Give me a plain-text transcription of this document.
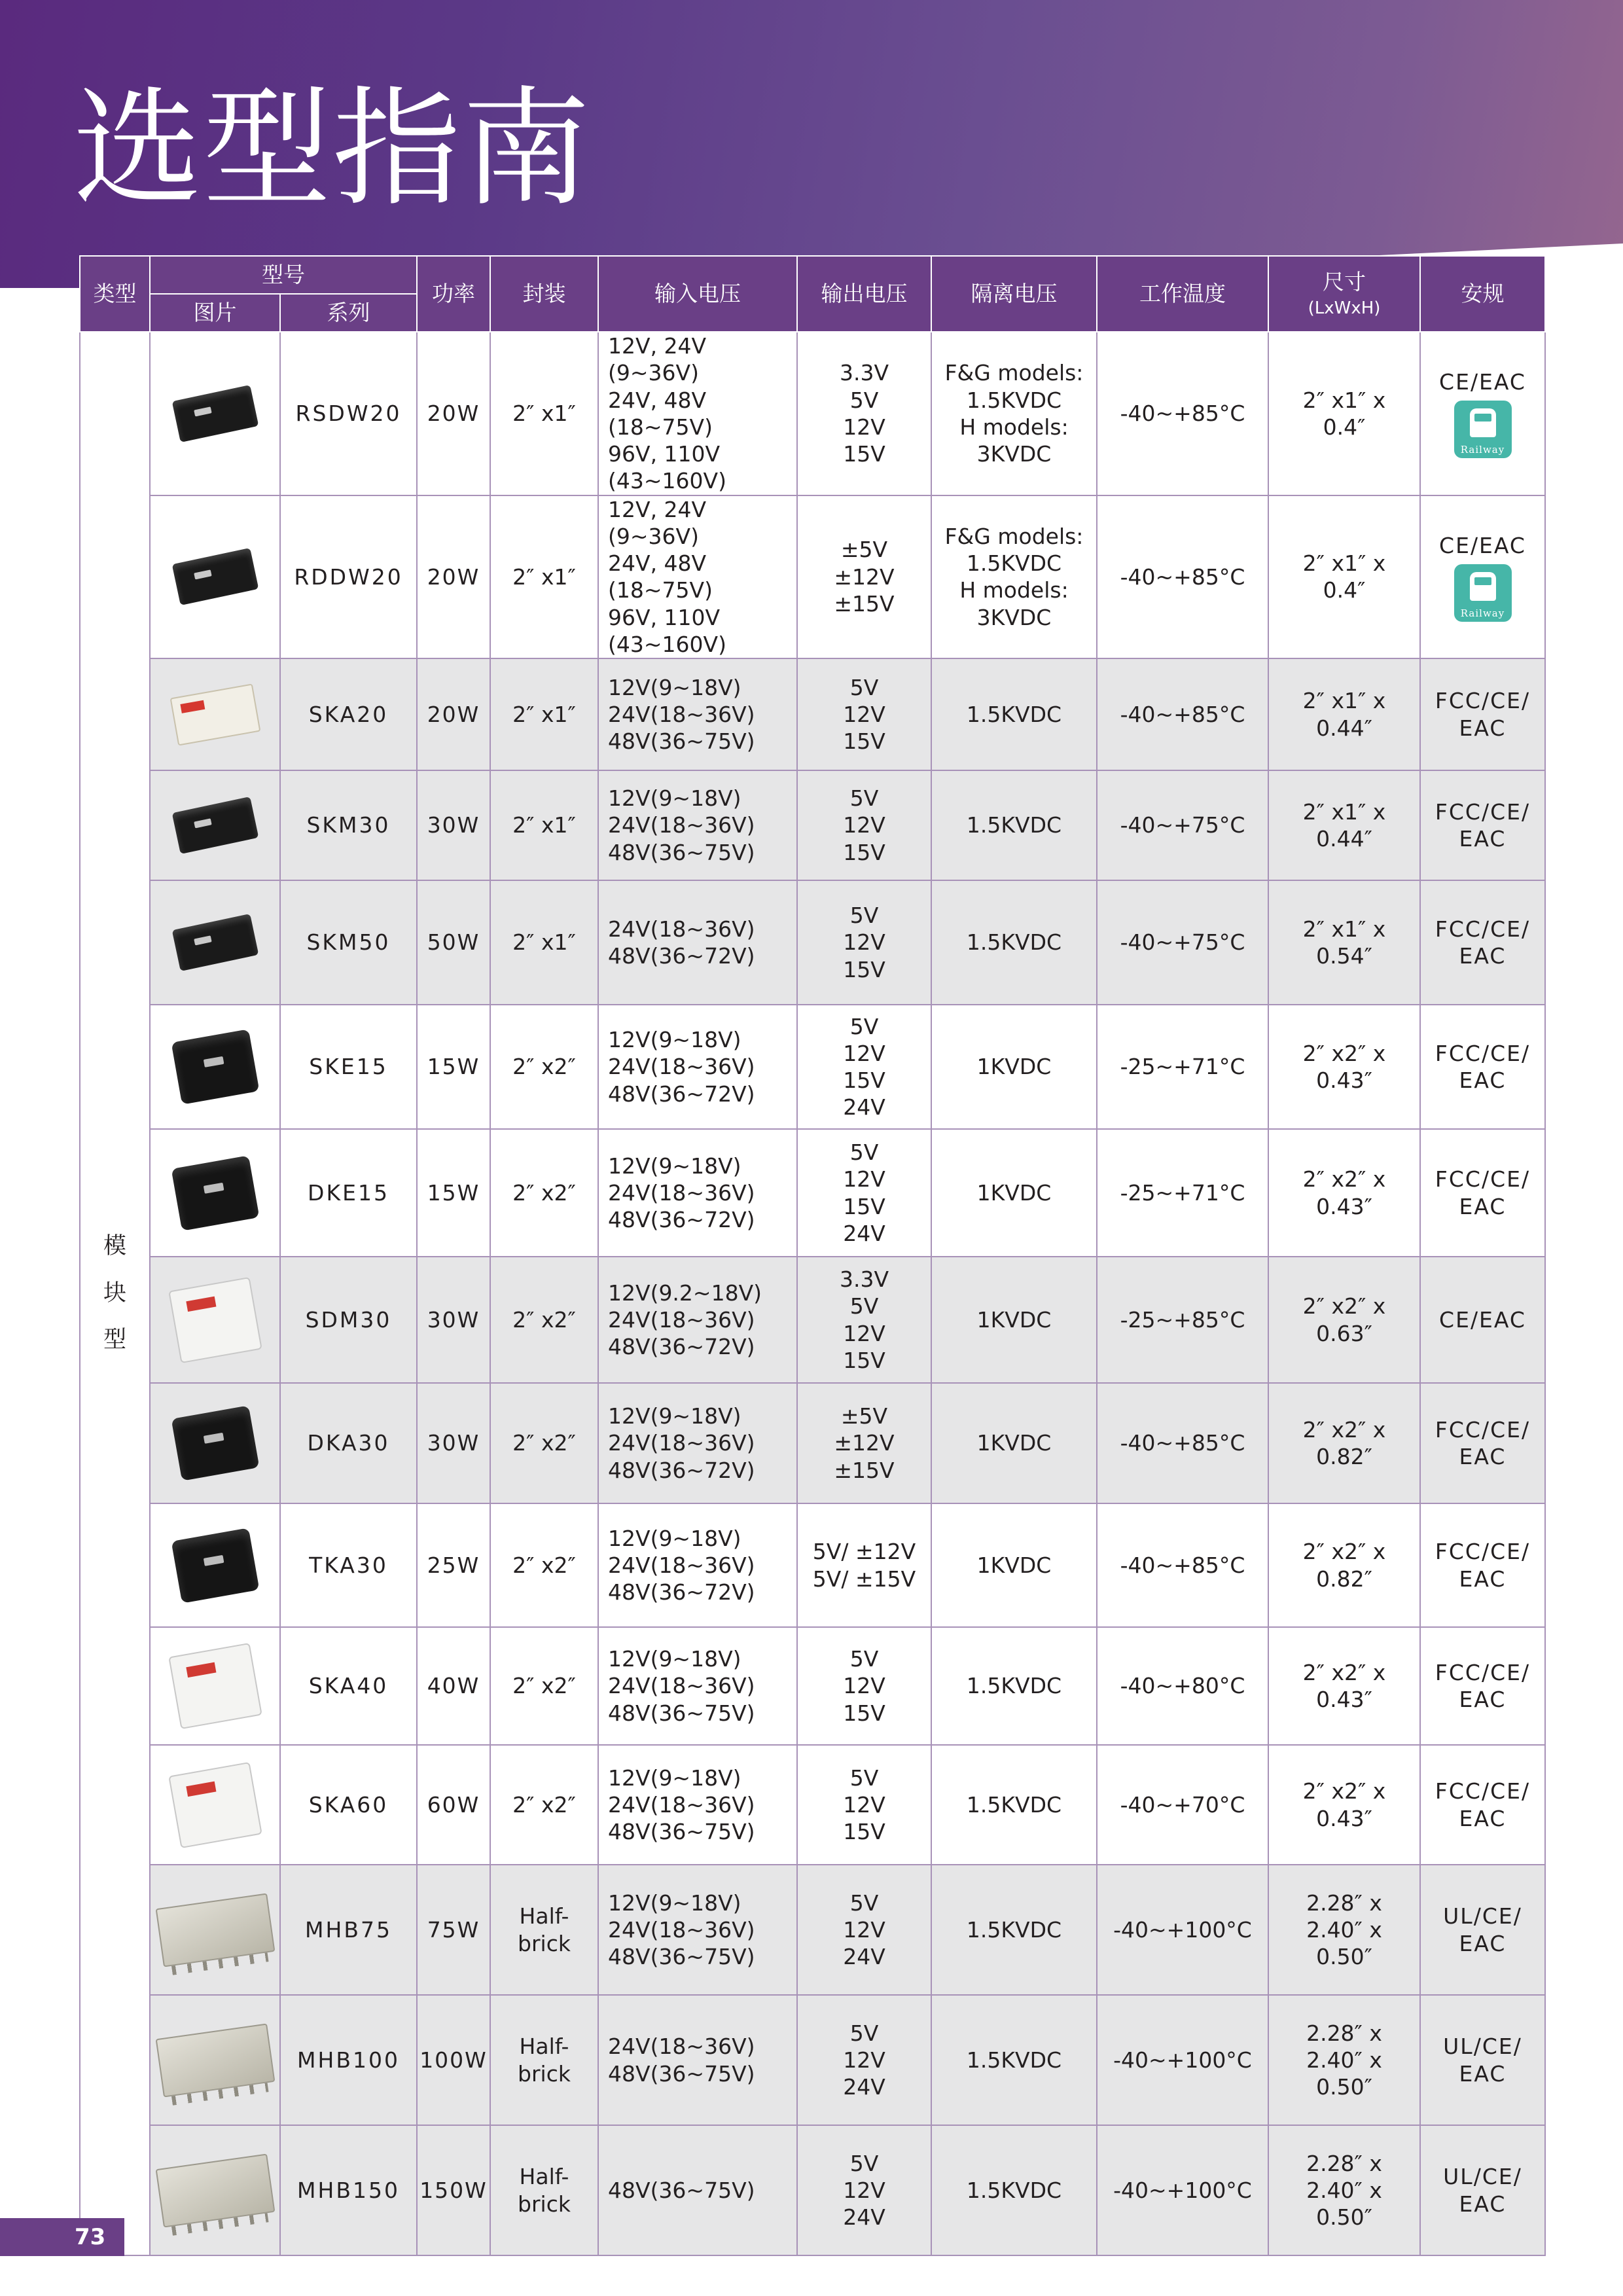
选型指南
类型	型号		功率	封装	输入电压	输出电压	隔离电压	工作温度	尺寸
(LxWxH)	安规
	图片	系列								

模
块
型		RSDW20	20W	2″ x1″	12V, 24V (9~36V)
24V, 48V (18~75V)
96V, 110V
(43~160V)	3.3V
5V
12V
15V	F&G models:
1.5KVDC
H models:
3KVDC	-40~+85°C	2″ x1″ x
0.4″	CE/EAC
Railway

		RDDW20	20W	2″ x1″	12V, 24V (9~36V)
24V, 48V (18~75V)
96V, 110V
(43~160V)	±5V
±12V
±15V	F&G models:
1.5KVDC
H models:
3KVDC	-40~+85°C	2″ x1″ x
0.4″	CE/EAC
Railway

		SKA20	20W	2″ x1″	12V(9~18V)
24V(18~36V)
48V(36~75V)	5V
12V
15V	1.5KVDC	-40~+85°C	2″ x1″ x
0.44″	FCC/CE/
EAC
		SKM30	30W	2″ x1″	12V(9~18V)
24V(18~36V)
48V(36~75V)	5V
12V
15V	1.5KVDC	-40~+75°C	2″ x1″ x
0.44″	FCC/CE/
EAC
		SKM50	50W	2″ x1″	24V(18~36V)
48V(36~72V)	5V
12V
15V	1.5KVDC	-40~+75°C	2″ x1″ x
0.54″	FCC/CE/
EAC
		SKE15	15W	2″ x2″	12V(9~18V)
24V(18~36V)
48V(36~72V)	5V
12V
15V
24V	1KVDC	-25~+71°C	2″ x2″ x
0.43″	FCC/CE/
EAC
		DKE15	15W	2″ x2″	12V(9~18V)
24V(18~36V)
48V(36~72V)	5V
12V
15V
24V	1KVDC	-25~+71°C	2″ x2″ x
0.43″	FCC/CE/
EAC
		SDM30	30W	2″ x2″	12V(9.2~18V)
24V(18~36V)
48V(36~72V)	3.3V
5V
12V
15V	1KVDC	-25~+85°C	2″ x2″ x
0.63″	CE/EAC
		DKA30	30W	2″ x2″	12V(9~18V)
24V(18~36V)
48V(36~72V)	±5V
±12V
±15V	1KVDC	-40~+85°C	2″ x2″ x
0.82″	FCC/CE/
EAC
		TKA30	25W	2″ x2″	12V(9~18V)
24V(18~36V)
48V(36~72V)	5V/ ±12V
5V/ ±15V	1KVDC	-40~+85°C	2″ x2″ x
0.82″	FCC/CE/
EAC
		SKA40	40W	2″ x2″	12V(9~18V)
24V(18~36V)
48V(36~75V)	5V
12V
15V	1.5KVDC	-40~+80°C	2″ x2″ x
0.43″	FCC/CE/
EAC
		SKA60	60W	2″ x2″	12V(9~18V)
24V(18~36V)
48V(36~75V)	5V
12V
15V	1.5KVDC	-40~+70°C	2″ x2″ x
0.43″	FCC/CE/
EAC
		MHB75	75W	Half-
brick	12V(9~18V)
24V(18~36V)
48V(36~75V)	5V
12V
24V	1.5KVDC	-40~+100°C	2.28″ x
2.40″ x
0.50″	UL/CE/
EAC
		MHB100	100W	Half-
brick	24V(18~36V)
48V(36~75V)	5V
12V
24V	1.5KVDC	-40~+100°C	2.28″ x
2.40″ x
0.50″	UL/CE/
EAC
		MHB150	150W	Half-
brick	48V(36~75V)	5V
12V
24V	1.5KVDC	-40~+100°C	2.28″ x
2.40″ x
0.50″	UL/CE/
EAC
73
